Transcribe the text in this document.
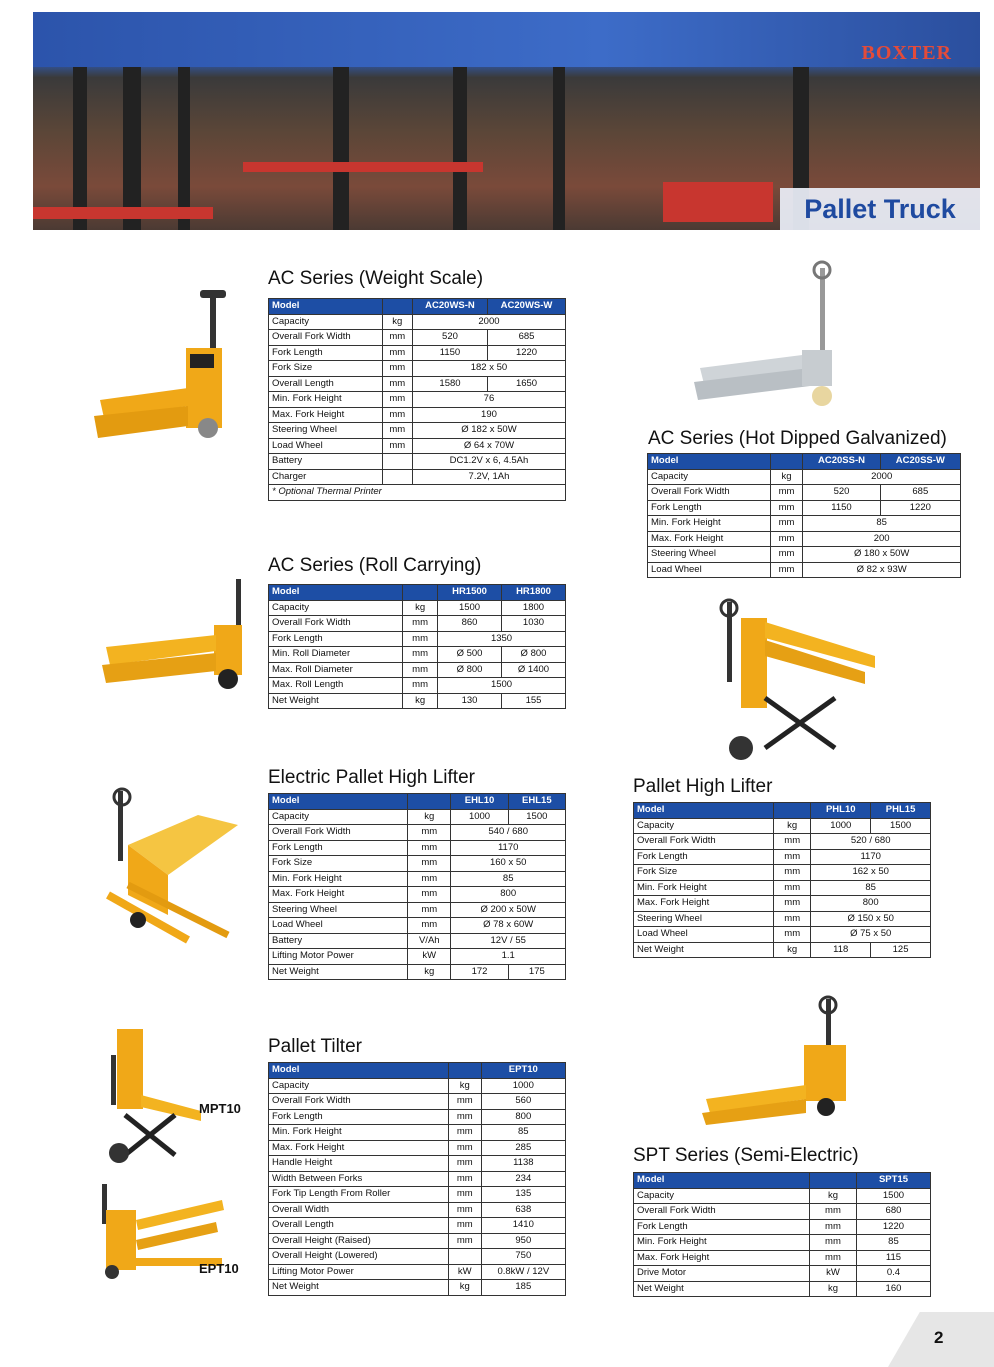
BOXTER
Pallet Truck
AC Series (Weight Scale)
AC Series (Hot Dipped Galvanized)
AC Series (Roll Carrying)
Electric Pallet High Lifter	Pallet High Lifter
Pallet Tilter
SPT Series (Semi-Electric)
Model		AC20WS-N	AC20WS-W
Capacity	kg	2000	
Overall Fork Width	mm	520	685
Fork Length	mm	1150	1220
Fork Size	mm	182 x 50	
Overall Length	mm	1580	1650
Min. Fork Height	mm	76	
Max. Fork Height	mm	190	
Steering Wheel	mm	Ø 182 x 50W	
Load Wheel	mm	Ø 64 x 70W	
Battery		DC1.2V x 6, 4.5Ah	
Charger		7.2V, 1Ah	
* Optional Thermal Printer			
Model		AC20SS-N	AC20SS-W
Capacity	kg	2000	
Overall Fork Width	mm	520	685
Fork Length	mm	1150	1220
Min. Fork Height	mm	85	
Max. Fork Height	mm	200	
Steering Wheel	mm	Ø 180 x 50W	
Load Wheel	mm	Ø 82 x 93W	
Model		HR1500	HR1800
Capacity	kg	1500	1800
Overall Fork Width	mm	860	1030
Fork Length	mm	1350	
Min. Roll Diameter	mm	Ø 500	Ø 800
Max. Roll Diameter	mm	Ø 800	Ø 1400
Max. Roll Length	mm	1500	
Net Weight	kg	130	155
Model		EHL10	EHL15
Capacity	kg	1000	1500
Overall Fork Width	mm	540 / 680	
Fork Length	mm	1170	
Fork Size	mm	160 x 50	
Min. Fork Height	mm	85	
Max. Fork Height	mm	800	
Steering Wheel	mm	Ø 200 x 50W	
Load Wheel	mm	Ø 78 x 60W	
Battery	V/Ah	12V / 55	
Lifting Motor Power	kW	1.1	
Net Weight	kg	172	175
Model		PHL10	PHL15
Capacity	kg	1000	1500
Overall Fork Width	mm	520 / 680	
Fork Length	mm	1170	
Fork Size	mm	162 x 50	
Min. Fork Height	mm	85	
Max. Fork Height	mm	800	
Steering Wheel	mm	Ø 150 x 50	
Load Wheel	mm	Ø 75 x 50	
Net Weight	kg	118	125
Model		EPT10
Capacity	kg	1000
Overall Fork Width	mm	560
Fork Length	mm	800
Min. Fork Height	mm	85
Max. Fork Height	mm	285
Handle Height	mm	1138
Width Between Forks	mm	234
Fork Tip Length From Roller	mm	135
Overall Width	mm	638
Overall Length	mm	1410
Overall Height (Raised)	mm	950
Overall Height (Lowered)		750
Lifting Motor Power	kW	0.8kW / 12V
Net Weight	kg	185
Model		SPT15
Capacity	kg	1500
Overall Fork Width	mm	680
Fork Length	mm	1220
Min. Fork Height	mm	85
Max. Fork Height	mm	115
Drive Motor	kW	0.4
Net Weight	kg	160
MPT10
EPT10
2
